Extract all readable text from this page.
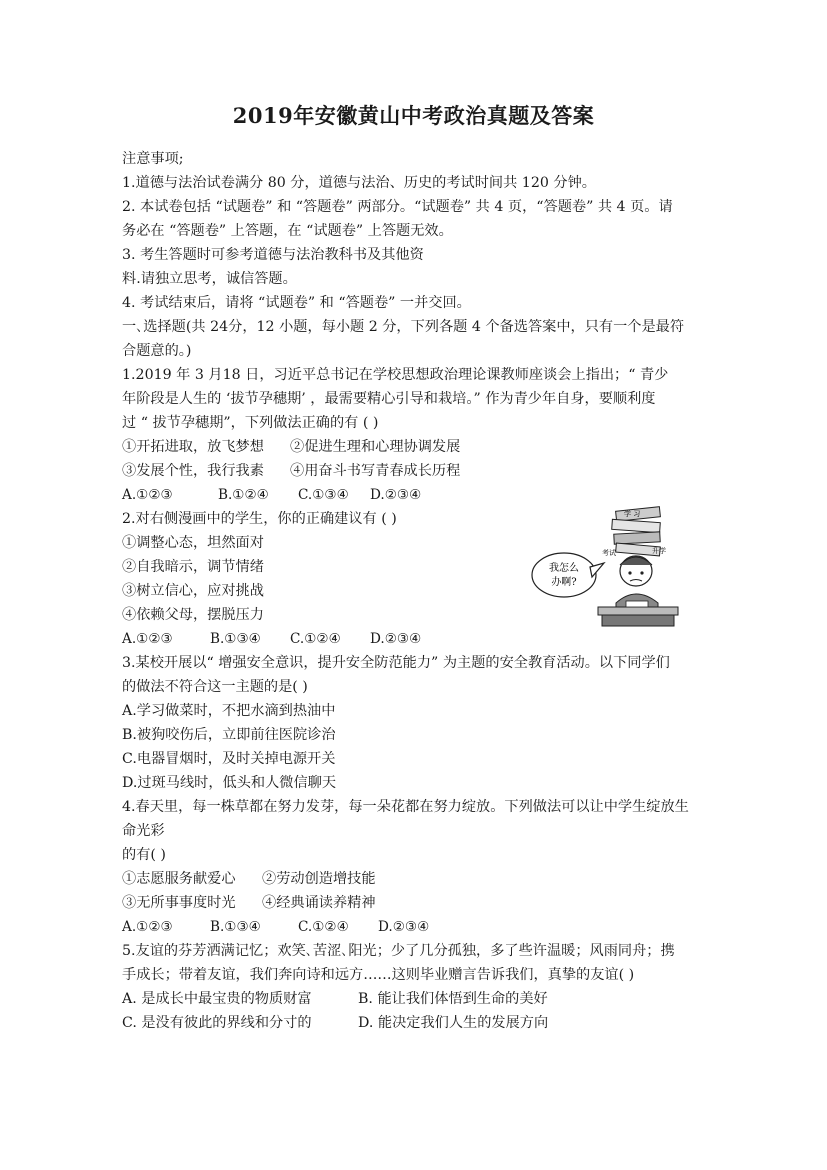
2019年安徽黄山中考政治真题及答案
注意事项;
1.道德与法治试卷满分 80 分，道德与法治、历史的考试时间共 120 分钟。
2. 本试卷包括 “试题卷” 和 “答题卷” 两部分。“试题卷” 共 4 页，“答题卷” 共 4 页。请
务必在 “答题卷” 上答题，在 “试题卷” 上答题无效。
3. 考生答题时可参考道德与法治教科书及其他资
料.请独立思考，诚信答题。
4. 考试结束后，请将 “试题卷” 和 “答题卷” 一并交回。
一､选择题(共 24分，12 小题，每小题 2 分，下列各题 4 个备选答案中，只有一个是最符
合题意的。)
1.2019 年 3 月18 日，习近平总书记在学校思想政治理论课教师座谈会上指出；“ 青少
年阶段是人生的 ‘拔节孕穗期’ ，最需要精心引导和栽培。” 作为青少年自身，要顺利度
过 “ 拔节孕穗期”，下列做法正确的有 ( )
①开拓进取，放飞梦想 ②促进生理和心理协调发展
③发展个性，我行我素 ④用奋斗书写青春成长历程
A.①②③	B.①②④ C.①③④ D.②③④
2.对右侧漫画中的学生，你的正确建议有 ( )
①调整心态，坦然面对
②自我暗示，调节情绪
③树立信心，应对挑战
④依赖父母，摆脱压力
A.①②③	B.①③④ C.①②④ D.②③④
我怎么
办啊?
学 习
考试	升学
3.某校开展以“ 增强安全意识，提升安全防范能力” 为主题的安全教育活动。以下同学们
的做法不符合这一主题的是( )
A.学习做菜时，不把水滴到热油中
B.被狗咬伤后，立即前往医院诊治
C.电器冒烟时，及时关掉电源开关
D.过斑马线时，低头和人微信聊天
4.春天里，每一株草都在努力发芽，每一朵花都在努力绽放。下列做法可以让中学生绽放生
命光彩
的有( )
①志愿服务献爱心 ②劳动创造增技能
③无所事事度时光 ④经典诵读养精神
A.①②③	B.①③④	C.①②④ D.②③④
5.友谊的芬芳洒满记忆；欢笑､苦涩､阳光；少了几分孤独，多了些许温暖；风雨同舟；携
手成长；带着友谊，我们奔向诗和远方……这则毕业赠言告诉我们，真挚的友谊( )
A. 是成长中最宝贵的物质财富	B. 能让我们体悟到生命的美好
C. 是没有彼此的界线和分寸的	D. 能决定我们人生的发展方向
